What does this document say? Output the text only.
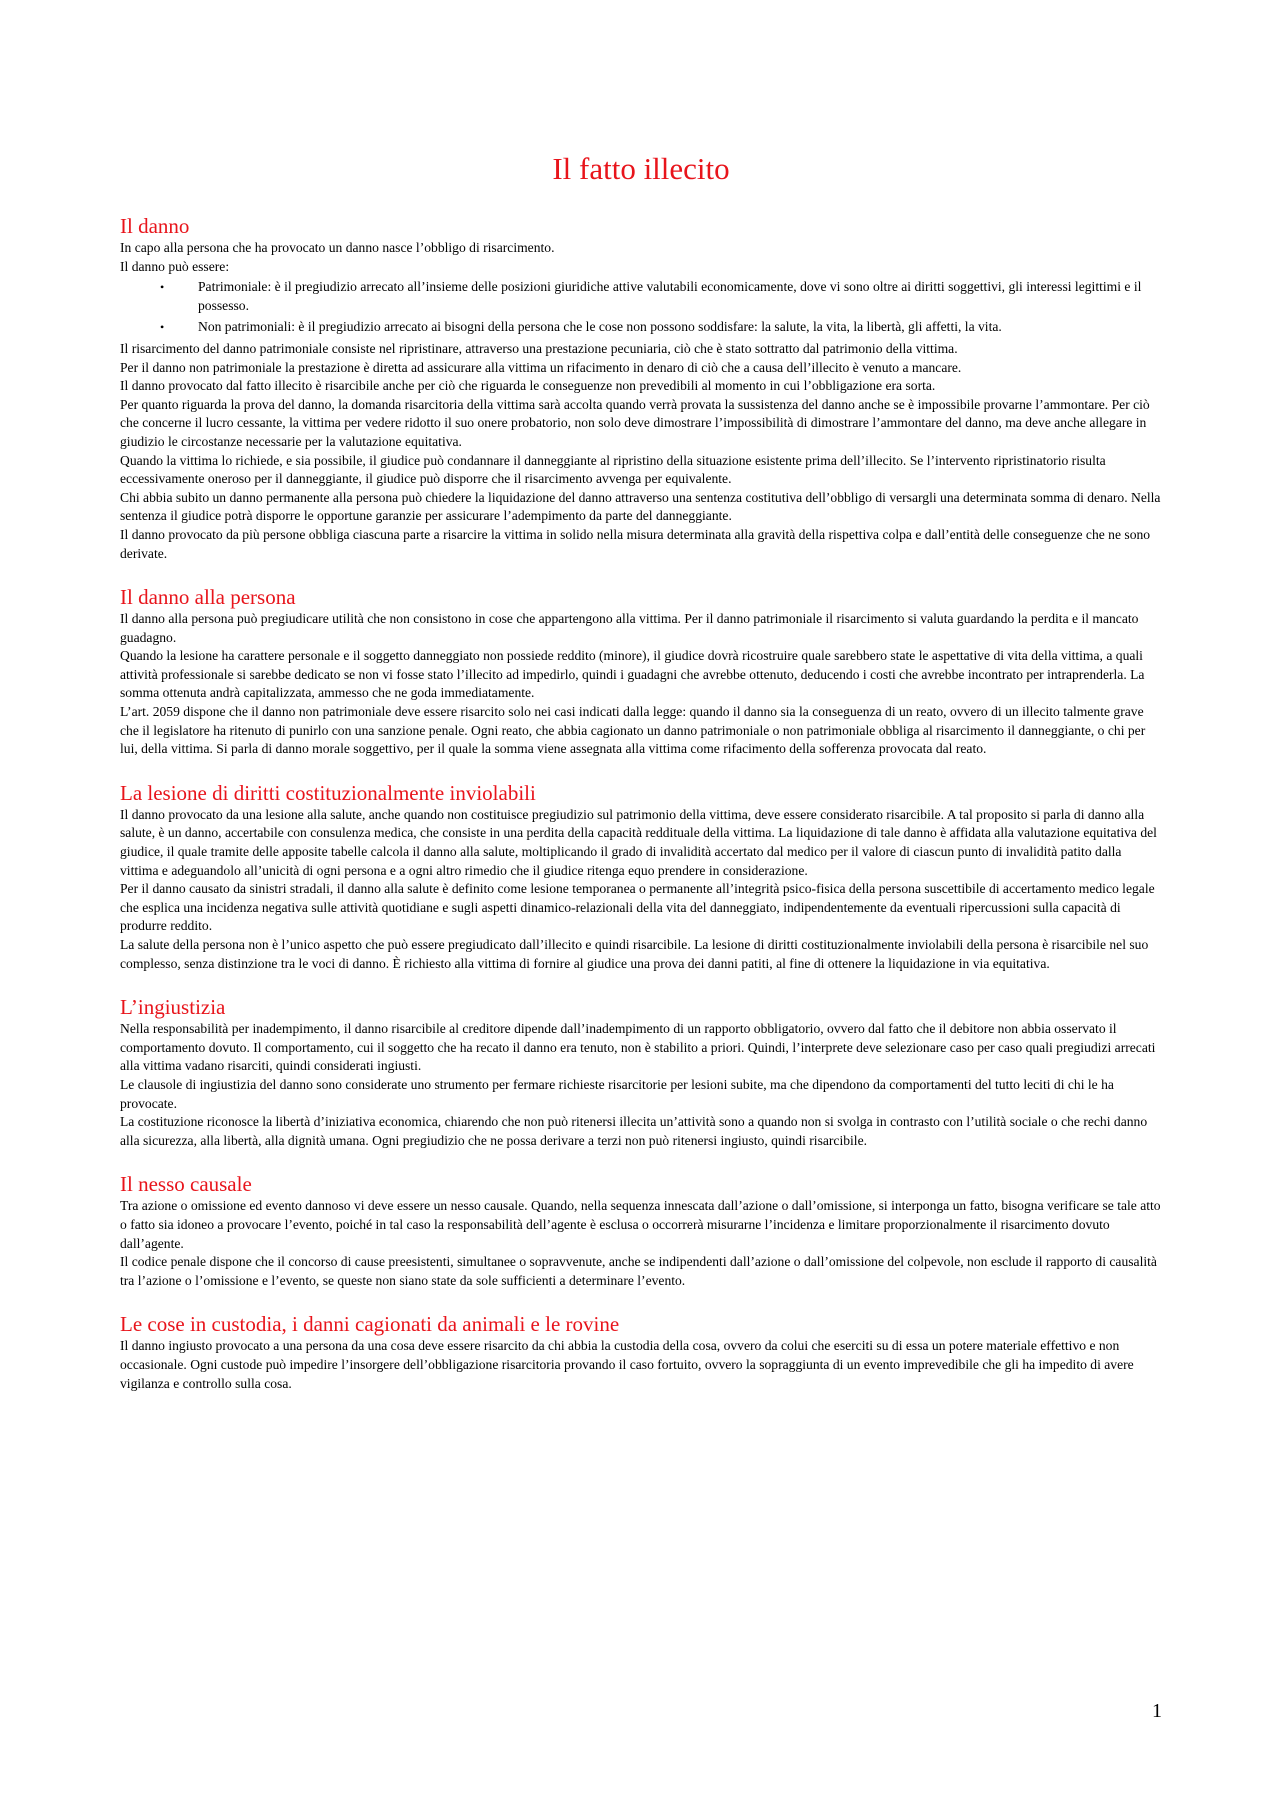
Il fatto illecito
Il danno

In capo alla persona che ha provocato un danno nasce l’obbligo di risarcimento.

Il danno può essere:

• Patrimoniale: è il pregiudizio arrecato all’insieme delle posizioni giuridiche attive valutabili economicamente, dove vi sono oltre ai diritti soggettivi, gli interessi legittimi e il possesso.
• Non patrimoniali: è il pregiudizio arrecato ai bisogni della persona che le cose non possono soddisfare: la salute, la vita, la libertà, gli affetti, la vita.

Il risarcimento del danno patrimoniale consiste nel ripristinare, attraverso una prestazione pecuniaria, ciò che è stato sottratto dal patrimonio della vittima.

Per il danno non patrimoniale la prestazione è diretta ad assicurare alla vittima un rifacimento in denaro di ciò che a causa dell’illecito è venuto a mancare.

Il danno provocato dal fatto illecito è risarcibile anche per ciò che riguarda le conseguenze non prevedibili al momento in cui l’obbligazione era sorta.

Per quanto riguarda la prova del danno, la domanda risarcitoria della vittima sarà accolta quando verrà provata la sussistenza del danno anche se è impossibile provarne l’ammontare. Per ciò che concerne il lucro cessante, la vittima per vedere ridotto il suo onere probatorio, non solo deve dimostrare l’impossibilità di dimostrare l’ammontare del danno, ma deve anche allegare in giudizio le circostanze necessarie per la valutazione equitativa.

Quando la vittima lo richiede, e sia possibile, il giudice può condannare il danneggiante al ripristino della situazione esistente prima dell’illecito. Se l’intervento ripristinatorio risulta eccessivamente oneroso per il danneggiante, il giudice può disporre che il risarcimento avvenga per equivalente.

Chi abbia subito un danno permanente alla persona può chiedere la liquidazione del danno attraverso una sentenza costitutiva dell’obbligo di versargli una determinata somma di denaro. Nella sentenza il giudice potrà disporre le opportune garanzie per assicurare l’adempimento da parte del danneggiante.

Il danno provocato da più persone obbliga ciascuna parte a risarcire la vittima in solido nella misura determinata alla gravità della rispettiva colpa e dall’entità delle conseguenze che ne sono derivate.

Il danno alla persona

Il danno alla persona può pregiudicare utilità che non consistono in cose che appartengono alla vittima. Per il danno patrimoniale il risarcimento si valuta guardando la perdita e il mancato guadagno.

Quando la lesione ha carattere personale e il soggetto danneggiato non possiede reddito (minore), il giudice dovrà ricostruire quale sarebbero state le aspettative di vita della vittima, a quali attività professionale si sarebbe dedicato se non vi fosse stato l’illecito ad impedirlo, quindi i guadagni che avrebbe ottenuto, deducendo i costi che avrebbe incontrato per intraprenderla. La somma ottenuta andrà capitalizzata, ammesso che ne goda immediatamente.

L’art. 2059 dispone che il danno non patrimoniale deve essere risarcito solo nei casi indicati dalla legge: quando il danno sia la conseguenza di un reato, ovvero di un illecito talmente grave che il legislatore ha ritenuto di punirlo con una sanzione penale. Ogni reato, che abbia cagionato un danno patrimoniale o non patrimoniale obbliga al risarcimento il danneggiante, o chi per lui, della vittima. Si parla di danno morale soggettivo, per il quale la somma viene assegnata alla vittima come rifacimento della sofferenza provocata dal reato.

La lesione di diritti costituzionalmente inviolabili

Il danno provocato da una lesione alla salute, anche quando non costituisce pregiudizio sul patrimonio della vittima, deve essere considerato risarcibile. A tal proposito si parla di danno alla salute, è un danno, accertabile con consulenza medica, che consiste in una perdita della capacità reddituale della vittima. La liquidazione di tale danno è affidata alla valutazione equitativa del giudice, il quale tramite delle apposite tabelle calcola il danno alla salute, moltiplicando il grado di invalidità accertato dal medico per il valore di ciascun punto di invalidità patito dalla vittima e adeguandolo all’unicità di ogni persona e a ogni altro rimedio che il giudice ritenga equo prendere in considerazione.

Per il danno causato da sinistri stradali, il danno alla salute è definito come lesione temporanea o permanente all’integrità psico-fisica della persona suscettibile di accertamento medico legale che esplica una incidenza negativa sulle attività quotidiane e sugli aspetti dinamico-relazionali della vita del danneggiato, indipendentemente da eventuali ripercussioni sulla capacità di produrre reddito.

La salute della persona non è l’unico aspetto che può essere pregiudicato dall’illecito e quindi risarcibile. La lesione di diritti costituzionalmente inviolabili della persona è risarcibile nel suo complesso, senza distinzione tra le voci di danno. È richiesto alla vittima di fornire al giudice una prova dei danni patiti, al fine di ottenere la liquidazione in via equitativa.

L’ingiustizia

Nella responsabilità per inadempimento, il danno risarcibile al creditore dipende dall’inadempimento di un rapporto obbligatorio, ovvero dal fatto che il debitore non abbia osservato il comportamento dovuto. Il comportamento, cui il soggetto che ha recato il danno era tenuto, non è stabilito a priori. Quindi, l’interprete deve selezionare caso per caso quali pregiudizi arrecati alla vittima vadano risarciti, quindi considerati ingiusti.

Le clausole di ingiustizia del danno sono considerate uno strumento per fermare richieste risarcitorie per lesioni subite, ma che dipendono da comportamenti del tutto leciti di chi le ha provocate.

La costituzione riconosce la libertà d’iniziativa economica, chiarendo che non può ritenersi illecita un’attività sono a quando non si svolga in contrasto con l’utilità sociale o che rechi danno alla sicurezza, alla libertà, alla dignità umana. Ogni pregiudizio che ne possa derivare a terzi non può ritenersi ingiusto, quindi risarcibile.

Il nesso causale

Tra azione o omissione ed evento dannoso vi deve essere un nesso causale. Quando, nella sequenza innescata dall’azione o dall’omissione, si interponga un fatto, bisogna verificare se tale atto o fatto sia idoneo a provocare l’evento, poiché in tal caso la responsabilità dell’agente è esclusa o occorrerà misurarne l’incidenza e limitare proporzionalmente il risarcimento dovuto dall’agente.

Il codice penale dispone che il concorso di cause preesistenti, simultanee o sopravvenute, anche se indipendenti dall’azione o dall’omissione del colpevole, non esclude il rapporto di causalità tra l’azione o l’omissione e l’evento, se queste non siano state da sole sufficienti a determinare l’evento.

Le cose in custodia, i danni cagionati da animali e le rovine

Il danno ingiusto provocato a una persona da una cosa deve essere risarcito da chi abbia la custodia della cosa, ovvero da colui che eserciti su di essa un potere materiale effettivo e non occasionale. Ogni custode può impedire l’insorgere dell’obbligazione risarcitoria provando il caso fortuito, ovvero la sopraggiunta di un evento imprevedibile che gli ha impedito di avere vigilanza e controllo sulla cosa.

1
